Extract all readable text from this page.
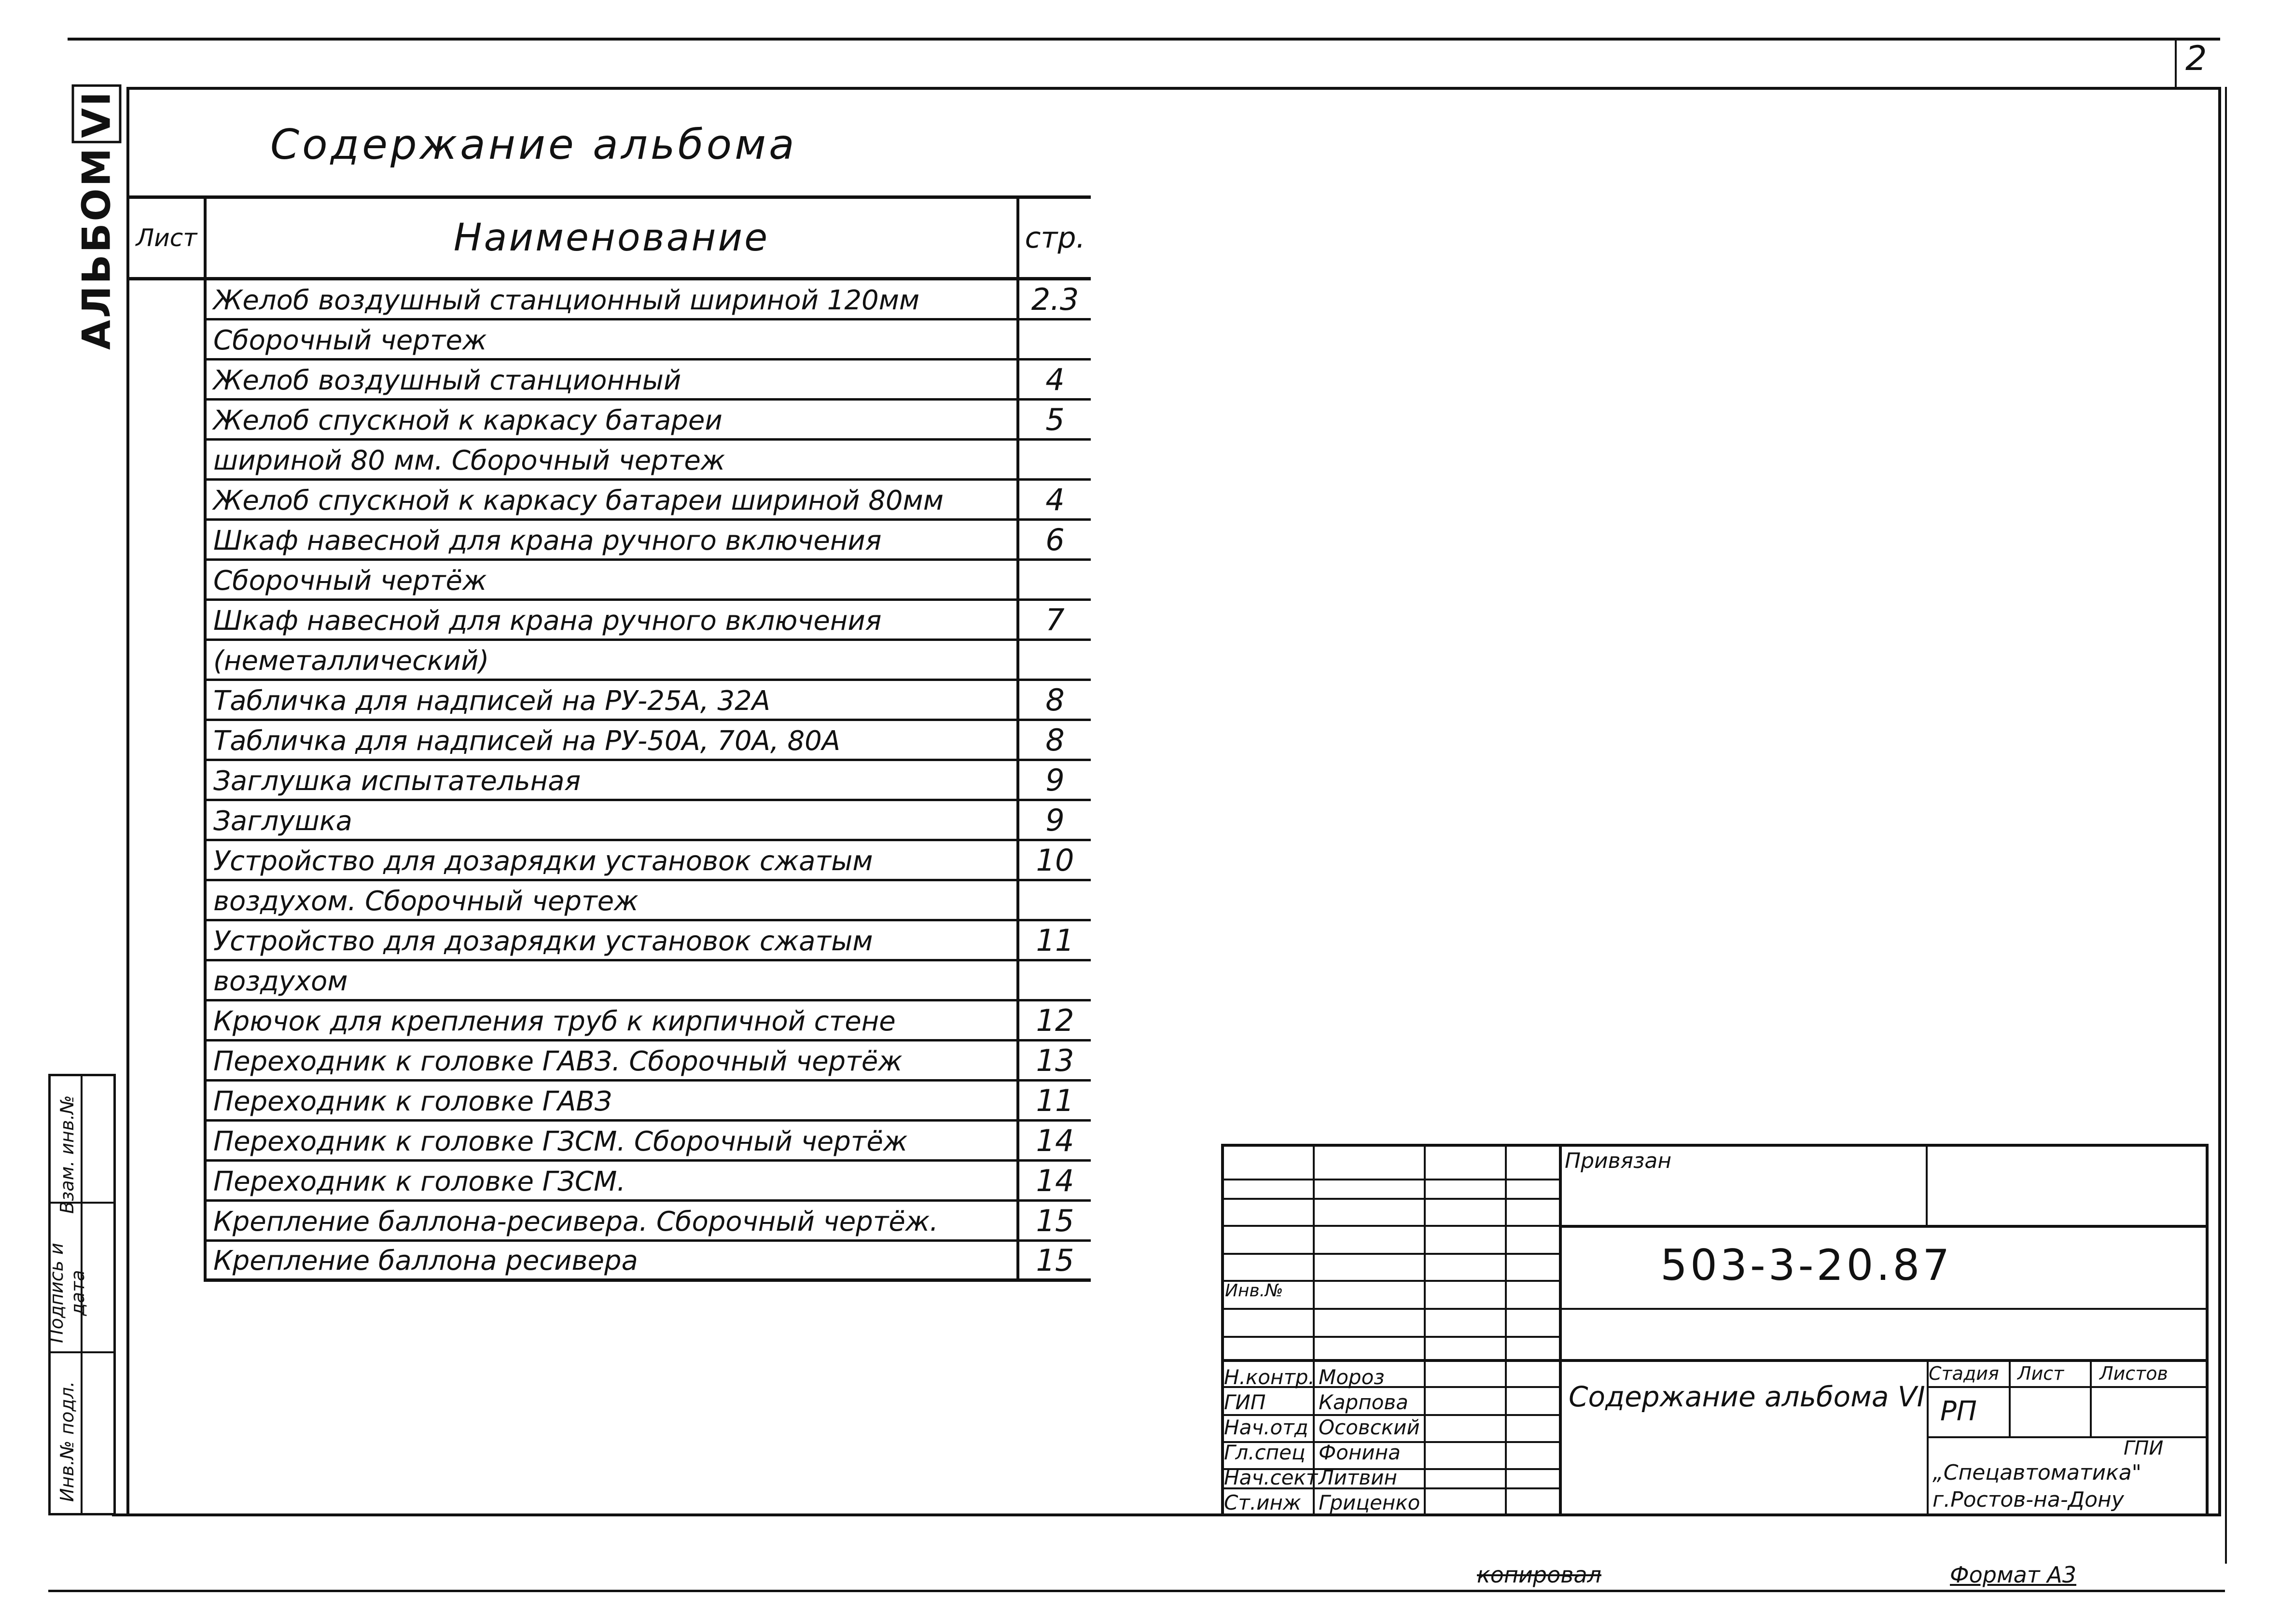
2
АЛЬБОМVI
Содержание альбома
Лист	Наименование	стр.
Желоб воздушный станционный шириной 120мм	2.3
Сборочный чертеж
Желоб воздушный станционный	4
Желоб спускной к каркасу батареи	5
шириной 80 мм. Сборочный чертеж
Желоб спускной к каркасу батареи шириной 80мм	4
Шкаф навесной для крана ручного включения	6
Сборочный чертёж
Шкаф навесной для крана ручного включения	7
(неметаллический)
Табличка для надписей на РУ-25А, 32А	8
Табличка для надписей на РУ-50А, 70А, 80А	8
Заглушка испытательная	9
Заглушка	9
Устройство для дозарядки установок сжатым	10
воздухом. Сборочный чертеж
Устройство для дозарядки установок сжатым	11
воздухом
Крючок для крепления труб к кирпичной стене	12
Переходник к головке ГАВЗ. Сборочный чертёж	13
Переходник к головке ГАВЗ	11
Переходник к головке ГЗСМ. Сборочный чертёж	14
Переходник к головке ГЗСМ.	14
Крепление баллона-ресивера. Сборочный чертёж.	15
Крепление баллона ресивера	15
Взам. инв.№
Подпись и дата
Инв.№ подл.
Привязан
503-3-20.87
Инв.№
Содержание альбома VI
Стадия Лист Листов
РП
ГПИ
„Спецавтоматика"
г.Ростов-на-Дону
Н.контр. Мороз
ГИП	Карпова
Нач.отд Осовский
Гл.спец Фонина
Нач.сект Литвин
Ст.инж Гриценко
копировал	Формат А3
